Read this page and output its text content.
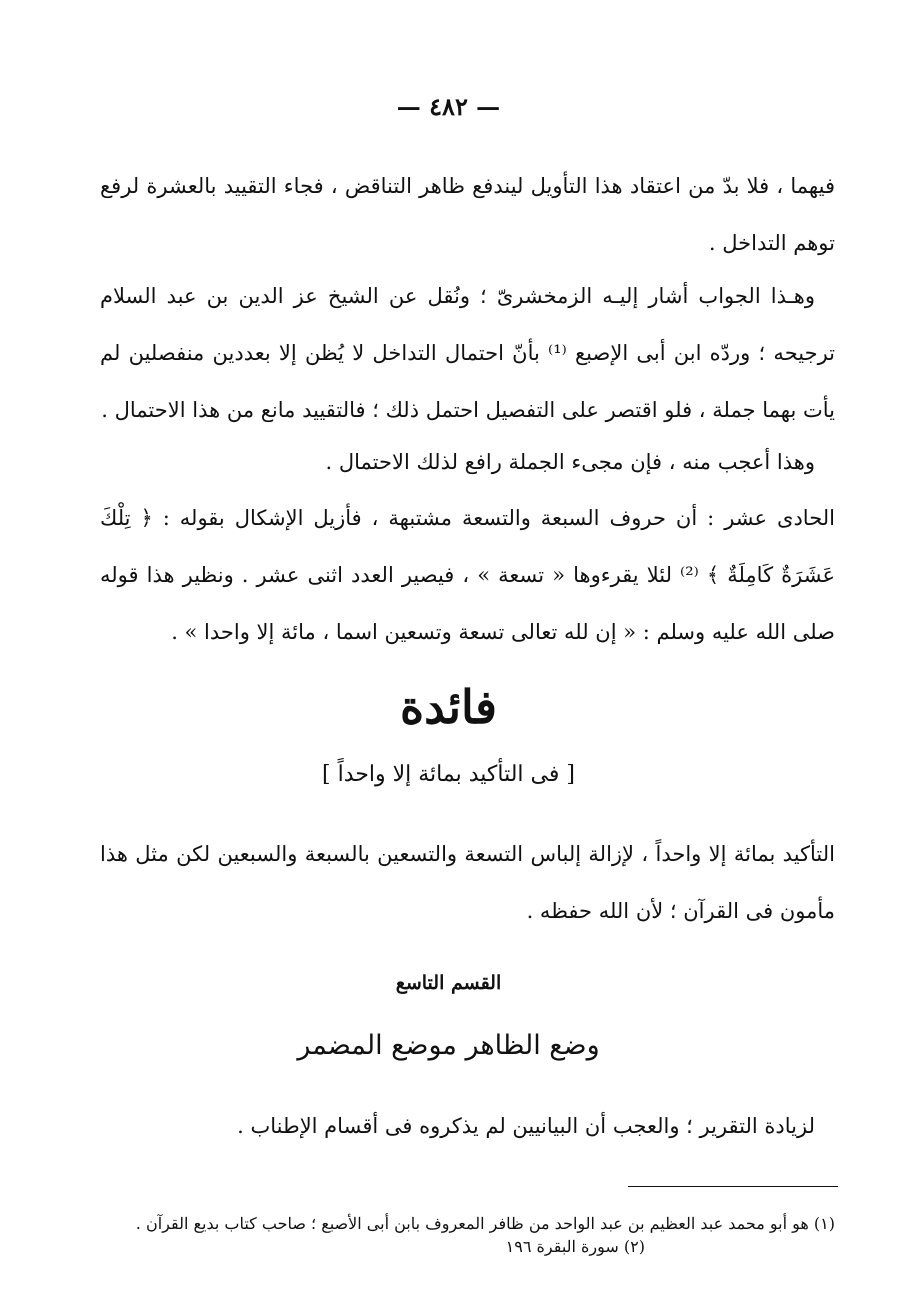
— ٤٨٢ —

فيهما ، فلا بدّ من اعتقاد هذا التأويل ليندفع ظاهر التناقض ، فجاء التقييد بالعشرة لرفع توهم التداخل .

وهـذا الجواب أشار إليـه الزمخشرىّ ؛ ونُقل عن الشيخ عز الدين بن عبد السلام ترجيحه ؛ وردّه ابن أبى الإصبع ⁽¹⁾ بأنّ احتمال التداخل لا يُظن إلا بعددين منفصلين لم يأت بهما جملة ، فلو اقتصر على التفصيل احتمل ذلك ؛ فالتقييد مانع من هذا الاحتمال .

وهذا أعجب منه ، فإن مجىء الجملة رافع لذلك الاحتمال .

الحادى عشر : أن حروف السبعة والتسعة مشتبهة ، فأزيل الإشكال بقوله : ﴿ تِلْكَ عَشَرَةٌ كَامِلَةٌ ﴾ ⁽²⁾ لئلا يقرءوها « تسعة » ، فيصير العدد اثنى عشر . ونظير هذا قوله صلى الله عليه وسلم : « إن لله تعالى تسعة وتسعين اسما ، مائة إلا واحدا » .

فائدة
[ فى التأكيد بمائة إلا واحداً ]

التأكيد بمائة إلا واحداً ، لإزالة إلباس التسعة والتسعين بالسبعة والسبعين لكن مثل هذا مأمون فى القرآن ؛ لأن الله حفظه .

القسم التاسع
وضع الظاهر موضع المضمر

لزيادة التقرير ؛ والعجب أن البيانيين لم يذكروه فى أقسام الإطناب .

(١) هو أبو محمد عبد العظيم بن عبد الواحد من ظافر المعروف بابن أبى الأصبع ؛ صاحب كتاب بديع القرآن .

(٢) سورة البقرة ١٩٦
